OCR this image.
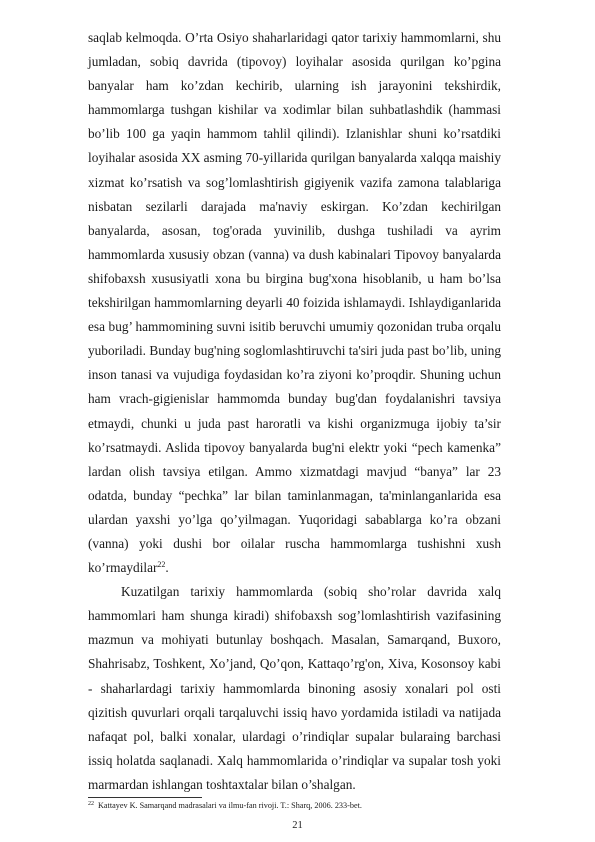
saqlab kelmoqda. O’rta Osiyo shaharlaridagi qator tarixiy hammomlarni, shu jumladan, sobiq davrida (tipovoy) loyihalar asosida qurilgan ko’pgina banyalar ham ko’zdan kechirib, ularning ish jarayonini tekshirdik, hammomlarga tushgan kishilar va xodimlar bilan suhbatlashdik (hammasi bo’lib 100 ga yaqin hammom tahlil qilindi). Izlanishlar shuni ko’rsatdiki loyihalar asosida XX asming 70-yillarida qurilgan banyalarda xalqqa maishiy xizmat ko’rsatish va sog’lomlashtirish gigiyenik vazifa zamona talablariga nisbatan sezilarli darajada ma'naviy eskirgan. Ko’zdan kechirilgan banyalarda, asosan, tog'orada yuvinilib, dushga tushiladi va ayrim hammomlarda xususiy obzan (vanna) va dush kabinalari Tipovoy banyalarda shifobaxsh xususiyatli xona bu birgina bug'xona hisoblanib, u ham bo’lsa tekshirilgan hammomlarning deyarli 40 foizida ishlamaydi. Ishlaydiganlarida esa bug’ hammomining suvni isitib beruvchi umumiy qozonidan truba orqalu yuboriladi. Bunday bug'ning soglomlashtiruvchi ta'siri juda past bo’lib, uning inson tanasi va vujudiga foydasidan ko’ra ziyoni ko’proqdir. Shuning uchun ham vrach-gigienislar hammomda bunday bug'dan foydalanishri tavsiya etmaydi, chunki u juda past haroratli va kishi organizmuga ijobiy ta’sir ko’rsatmaydi. Aslida tipovoy banyalarda bug'ni elektr yoki “pech kamenka” lardan olish tavsiya etilgan. Ammo xizmatdagi mavjud “banya” lar 23 odatda, bunday “pechka” lar bilan taminlanmagan, ta'minlanganlarida esa ulardan yaxshi yo’lga qo’yilmagan. Yuqoridagi sabablarga ko’ra obzani (vanna) yoki dushi bor oilalar ruscha hammomlarga tushishni xush ko’rmaydilar$^{22}$.

Kuzatilgan tarixiy hammomlarda (sobiq sho’rolar davrida xalq hammomlari ham shunga kiradi) shifobaxsh sog’lomlashtirish vazifasining mazmun va mohiyati butunlay boshqach. Masalan, Samarqand, Buxoro, Shahrisabz, Toshkent, Xo’jand, Qo’qon, Kattaqo’rg'on, Xiva, Kosonsoy kabi - shaharlardagi tarixiy hammomlarda binoning asosiy xonalari pol osti qizitish quvurlari orqali tarqaluvchi issiq havo yordamida istiladi va natijada nafaqat pol, balki xonalar, ulardagi o’rindiqlar supalar bularaing barchasi issiq holatda saqlanadi. Xalq hammomlarida o’rindiqlar va supalar tosh yoki marmardan ishlangan toshtaxtalar bilan o’shalgan.

$^{22}$ Kattayev K. Samarqand madrasalari va ilmu-fan rivoji. T.: Sharq, 2006. 233-bet.
21
